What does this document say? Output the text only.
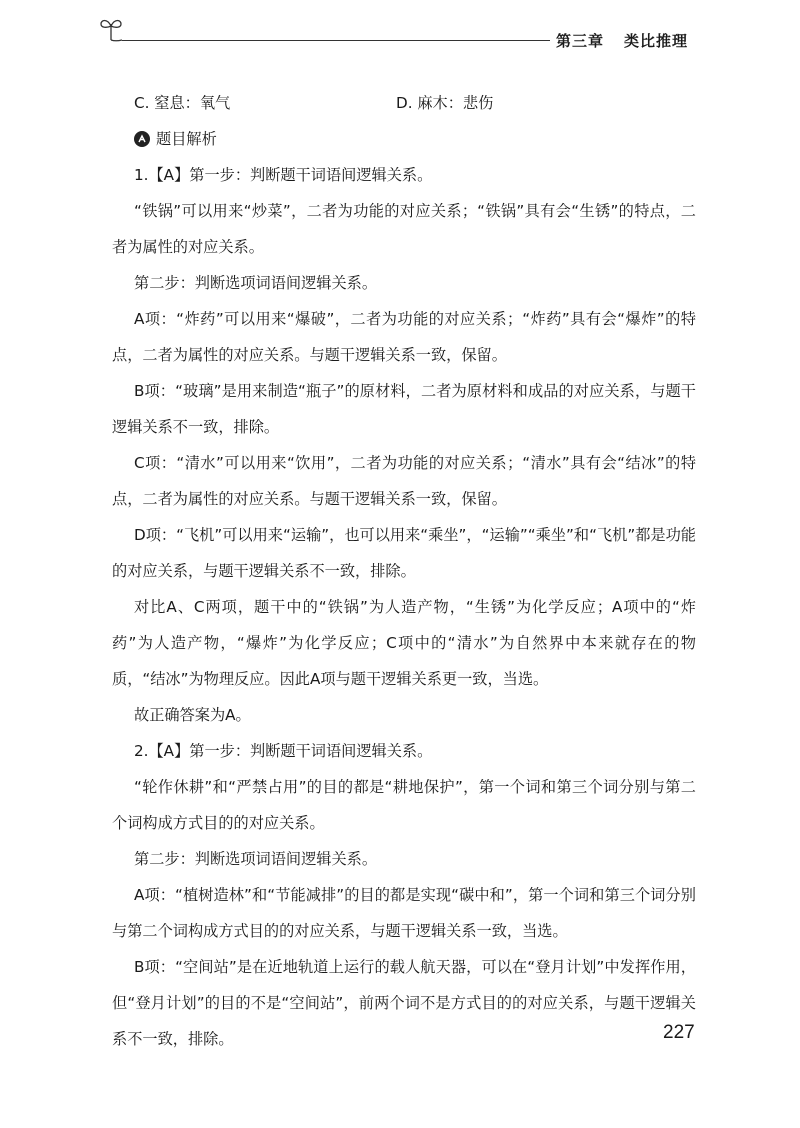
第三章 类比推理
C. 窒息：氧气	D. 麻木：悲伤
题目解析

1.【A】第一步：判断题干词语间逻辑关系。

“铁锅”可以用来“炒菜”，二者为功能的对应关系；“铁锅”具有会“生锈”的特点，二者为属性的对应关系。

第二步：判断选项词语间逻辑关系。

A项：“炸药”可以用来“爆破”，二者为功能的对应关系；“炸药”具有会“爆炸”的特点，二者为属性的对应关系。与题干逻辑关系一致，保留。

B项：“玻璃”是用来制造“瓶子”的原材料，二者为原材料和成品的对应关系，与题干逻辑关系不一致，排除。

C项：“清水”可以用来“饮用”，二者为功能的对应关系；“清水”具有会“结冰”的特点，二者为属性的对应关系。与题干逻辑关系一致，保留。

D项：“飞机”可以用来“运输”，也可以用来“乘坐”，“运输”“乘坐”和“飞机”都是功能的对应关系，与题干逻辑关系不一致，排除。

对比A、C两项，题干中的“铁锅”为人造产物，“生锈”为化学反应；A项中的“炸药”为人造产物，“爆炸”为化学反应；C项中的“清水”为自然界中本来就存在的物质，“结冰”为物理反应。因此A项与题干逻辑关系更一致，当选。

故正确答案为A。

2.【A】第一步：判断题干词语间逻辑关系。

“轮作休耕”和“严禁占用”的目的都是“耕地保护”，第一个词和第三个词分别与第二个词构成方式目的的对应关系。

第二步：判断选项词语间逻辑关系。

A项：“植树造林”和“节能减排”的目的都是实现“碳中和”，第一个词和第三个词分别与第二个词构成方式目的的对应关系，与题干逻辑关系一致，当选。

B项：“空间站”是在近地轨道上运行的载人航天器，可以在“登月计划”中发挥作用，但“登月计划”的目的不是“空间站”，前两个词不是方式目的的对应关系，与题干逻辑关系不一致，排除。	227
